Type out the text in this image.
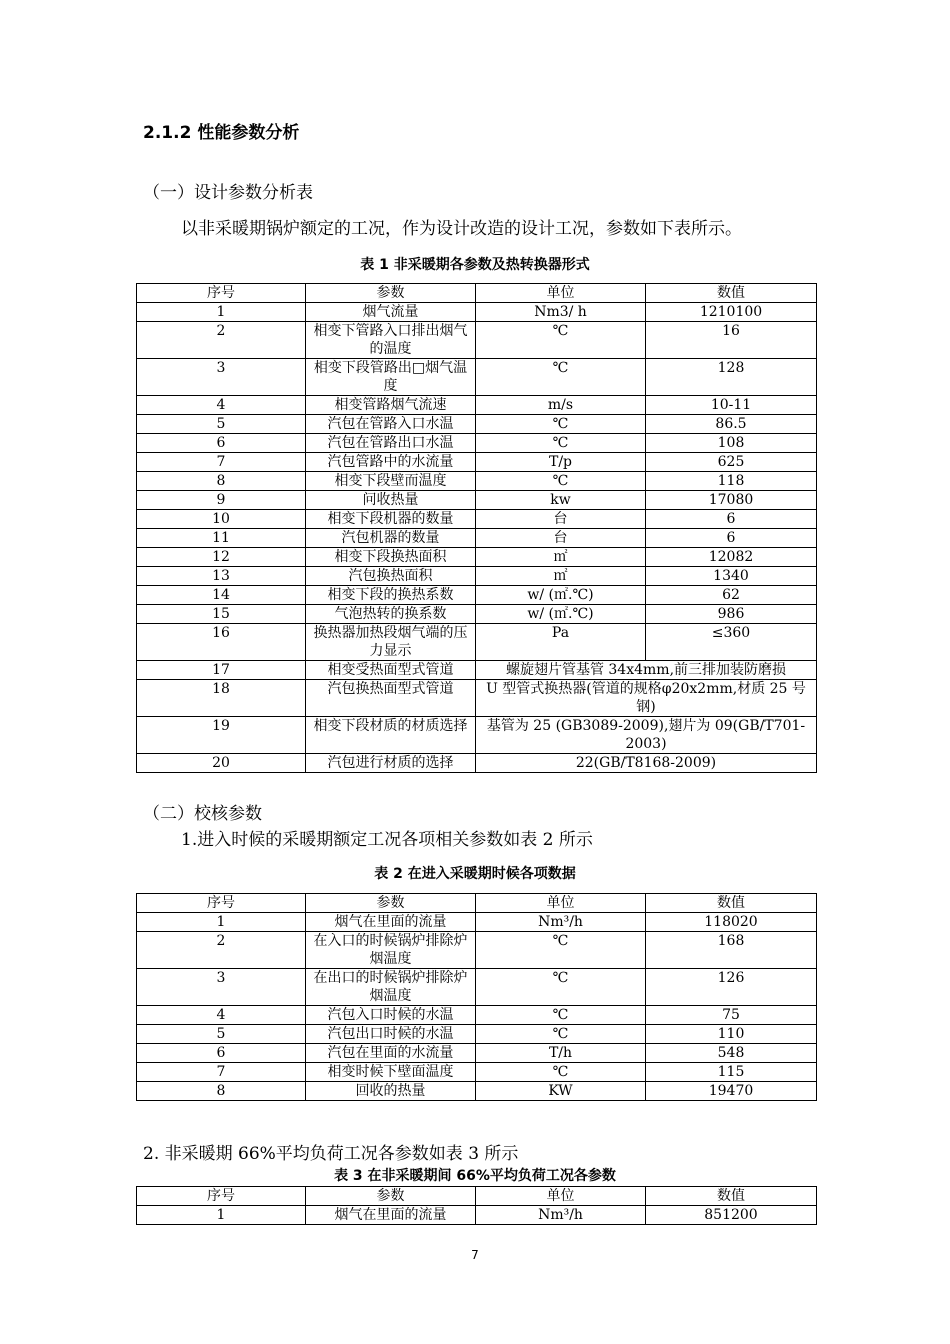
2.1.2 性能参数分析
（一）设计参数分析表
以非采暖期锅炉额定的工况，作为设计改造的设计工况，参数如下表所示。
表 1 非采暖期各参数及热转换器形式
序号	参数	单位	数值
1	烟气流量	Nm3/ h	1210100
2	相变下管路入口排出烟气的温度	℃	16
3	相变下段管路出□烟气温度	℃	128
4	相变管路烟气流速	m/s	10-11
5	汽包在管路入口水温	℃	86.5
6	汽包在管路出口水温	℃	108
7	汽包管路中的水流量	T/p	625
8	相变下段壁而温度	℃	118
9	问收热量	kw	17080
10	相变下段机器的数量	台	6
11	汽包机器的数量	台	6
12	相变下段换热面积	㎡	12082
13	汽包换热面积	㎡	1340
14	相变下段的换热系数	w/ (㎡.℃)	62
15	气泡热转的换系数	w/ (㎡.℃)	986
16	换热器加热段烟气端的压力显示	Pa	≤360
17	相变受热面型式管道	螺旋翅片管基管 34x4mm,前三排加装防磨损	
18	汽包换热面型式管道	U 型管式换热器(管道的规格φ20x2mm,材质 25 号钢)	
19	相变下段材质的材质选择	基管为 25 (GB3089-2009),翅片为 09(GB/T701-2003)	
20	汽包进行材质的选择	22(GB/T8168-2009)	
（二）校核参数
1.进入时候的采暖期额定工况各项相关参数如表 2 所示
表 2 在进入采暖期时候各项数据
序号	参数	单位	数值
1	烟气在里面的流量	Nm³/h	118020
2	在入口的时候锅炉排除炉烟温度	℃	168
3	在出口的时候锅炉排除炉烟温度	℃	126
4	汽包入口时候的水温	℃	75
5	汽包出口时候的水温	℃	110
6	汽包在里面的水流量	T/h	548
7	相变时候下壁面温度	℃	115
8	回收的热量	KW	19470
2. 非采暖期 66%平均负荷工况各参数如表 3 所示
表 3 在非采暖期间 66%平均负荷工况各参数
序号	参数	单位	数值
1	烟气在里面的流量	Nm³/h	851200
7
